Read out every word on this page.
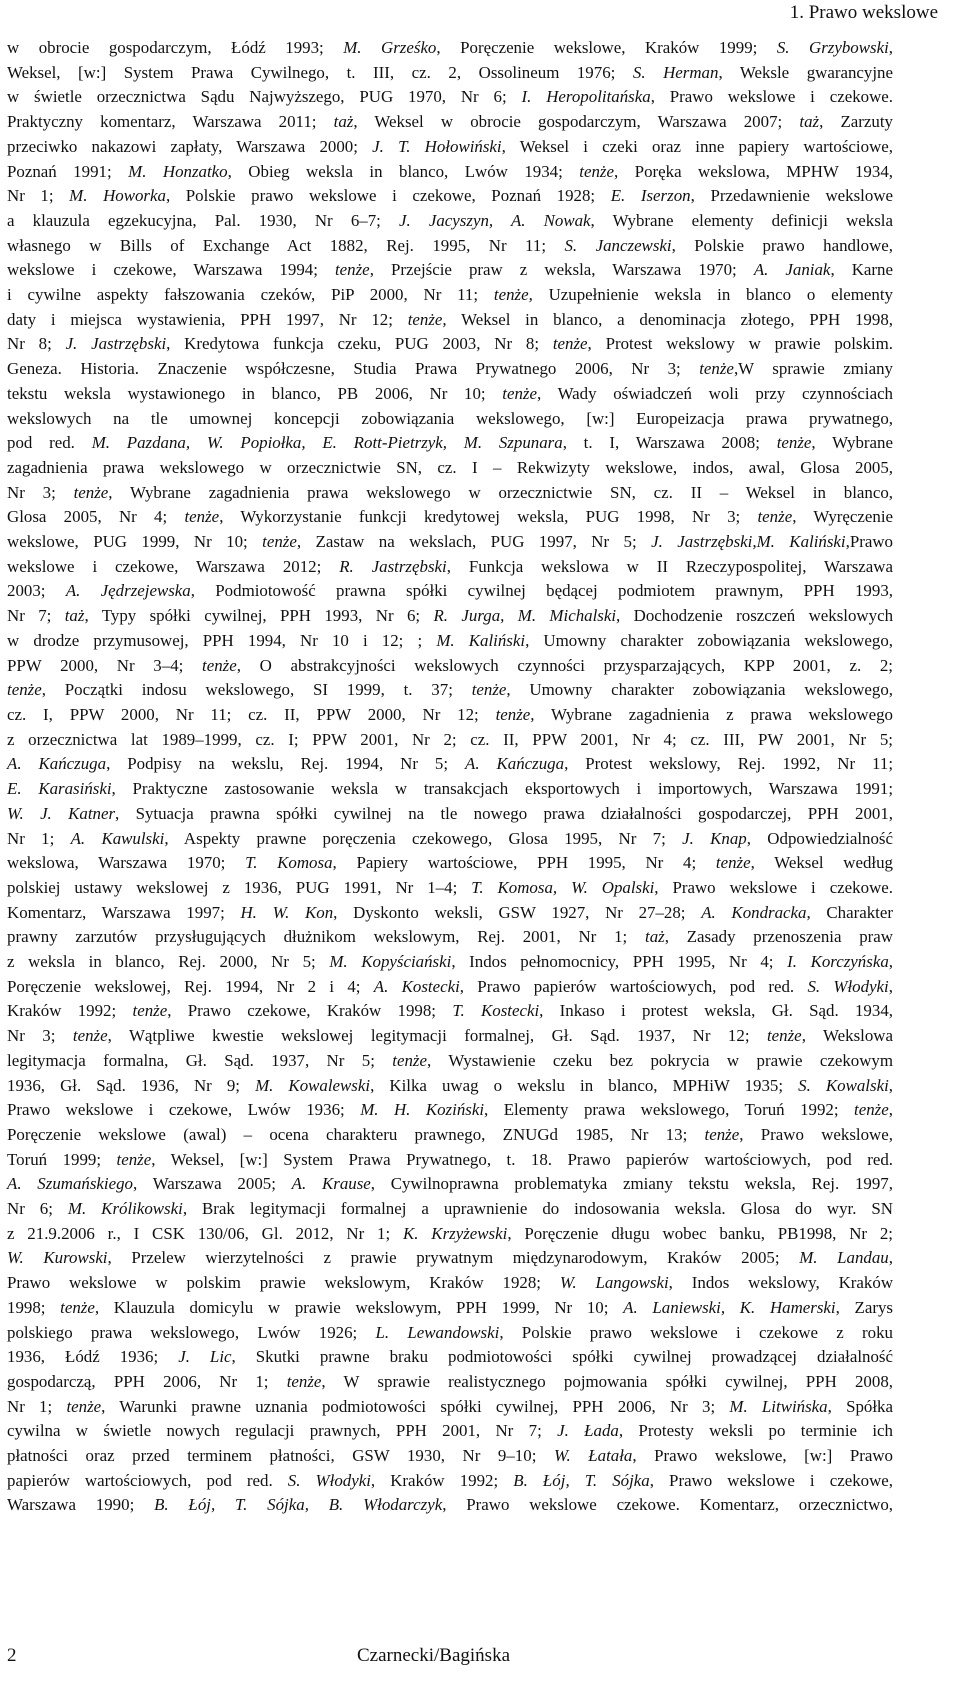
1. Prawo wekslowe
w obrocie gospodarczym, Łódź 1993; M. Grześko, Poręczenie wekslowe, Kraków 1999; S. Grzybowski,
Weksel, [w:] System Prawa Cywilnego, t. III, cz. 2, Ossolineum 1976; S. Herman, Weksle gwarancyjne
w świetle orzecznictwa Sądu Najwyższego, PUG 1970, Nr 6; I. Heropolitańska, Prawo wekslowe i czekowe.
Praktyczny komentarz, Warszawa 2011; taż, Weksel w obrocie gospodarczym, Warszawa 2007; taż, Zarzuty
przeciwko nakazowi zapłaty, Warszawa 2000; J. T. Hołowiński, Weksel i czeki oraz inne papiery wartościowe,
Poznań 1991; M. Honzatko, Obieg weksla in blanco, Lwów 1934; tenże, Poręka wekslowa, MPHW 1934,
Nr 1; M. Howorka, Polskie prawo wekslowe i czekowe, Poznań 1928; E. Iserzon, Przedawnienie wekslowe
a klauzula egzekucyjna, Pal. 1930, Nr 6–7; J. Jacyszyn, A. Nowak, Wybrane elementy definicji weksla
własnego w Bills of Exchange Act 1882, Rej. 1995, Nr 11; S. Janczewski, Polskie prawo handlowe,
wekslowe i czekowe, Warszawa 1994; tenże, Przejście praw z weksla, Warszawa 1970; A. Janiak, Karne
i cywilne aspekty fałszowania czeków, PiP 2000, Nr 11; tenże, Uzupełnienie weksla in blanco o elementy
daty i miejsca wystawienia, PPH 1997, Nr 12; tenże, Weksel in blanco, a denominacja złotego, PPH 1998,
Nr 8; J. Jastrzębski, Kredytowa funkcja czeku, PUG 2003, Nr 8; tenże, Protest wekslowy w prawie polskim.
Geneza. Historia. Znaczenie współczesne, Studia Prawa Prywatnego 2006, Nr 3; tenże,W sprawie zmiany
tekstu weksla wystawionego in blanco, PB 2006, Nr 10; tenże, Wady oświadczeń woli przy czynnościach
wekslowych na tle umownej koncepcji zobowiązania wekslowego, [w:] Europeizacja prawa prywatnego,
pod red. M. Pazdana, W. Popiołka, E. Rott-Pietrzyk, M. Szpunara, t. I, Warszawa 2008; tenże, Wybrane
zagadnienia prawa wekslowego w orzecznictwie SN, cz. I – Rekwizyty wekslowe, indos, awal, Glosa 2005,
Nr 3; tenże, Wybrane zagadnienia prawa wekslowego w orzecznictwie SN, cz. II – Weksel in blanco,
Glosa 2005, Nr 4; tenże, Wykorzystanie funkcji kredytowej weksla, PUG 1998, Nr 3; tenże, Wyręczenie
wekslowe, PUG 1999, Nr 10; tenże, Zastaw na wekslach, PUG 1997, Nr 5; J. Jastrzębski,M. Kaliński,Prawo
wekslowe i czekowe, Warszawa 2012; R. Jastrzębski, Funkcja wekslowa w II Rzeczypospolitej, Warszawa
2003; A. Jędrzejewska, Podmiotowość prawna spółki cywilnej będącej podmiotem prawnym, PPH 1993,
Nr 7; taż, Typy spółki cywilnej, PPH 1993, Nr 6; R. Jurga, M. Michalski, Dochodzenie roszczeń wekslowych
w drodze przymusowej, PPH 1994, Nr 10 i 12; ; M. Kaliński, Umowny charakter zobowiązania wekslowego,
PPW 2000, Nr 3–4; tenże, O abstrakcyjności wekslowych czynności przysparzających, KPP 2001, z. 2;
tenże, Początki indosu wekslowego, SI 1999, t. 37; tenże, Umowny charakter zobowiązania wekslowego,
cz. I, PPW 2000, Nr 11; cz. II, PPW 2000, Nr 12; tenże, Wybrane zagadnienia z prawa wekslowego
z orzecznictwa lat 1989–1999, cz. I; PPW 2001, Nr 2; cz. II, PPW 2001, Nr 4; cz. III, PW 2001, Nr 5;
A. Kańczuga, Podpisy na wekslu, Rej. 1994, Nr 5; A. Kańczuga, Protest wekslowy, Rej. 1992, Nr 11;
E. Karasiński, Praktyczne zastosowanie weksla w transakcjach eksportowych i importowych, Warszawa 1991;
W. J. Katner, Sytuacja prawna spółki cywilnej na tle nowego prawa działalności gospodarczej, PPH 2001,
Nr 1; A. Kawulski, Aspekty prawne poręczenia czekowego, Glosa 1995, Nr 7; J. Knap, Odpowiedzialność
wekslowa, Warszawa 1970; T. Komosa, Papiery wartościowe, PPH 1995, Nr 4; tenże, Weksel według
polskiej ustawy wekslowej z 1936, PUG 1991, Nr 1–4; T. Komosa, W. Opalski, Prawo wekslowe i czekowe.
Komentarz, Warszawa 1997; H. W. Kon, Dyskonto weksli, GSW 1927, Nr 27–28; A. Kondracka, Charakter
prawny zarzutów przysługujących dłużnikom wekslowym, Rej. 2001, Nr 1; taż, Zasady przenoszenia praw
z weksla in blanco, Rej. 2000, Nr 5; M. Kopyściański, Indos pełnomocnicy, PPH 1995, Nr 4; I. Korczyńska,
Poręczenie wekslowej, Rej. 1994, Nr 2 i 4; A. Kostecki, Prawo papierów wartościowych, pod red. S. Włodyki,
Kraków 1992; tenże, Prawo czekowe, Kraków 1998; T. Kostecki, Inkaso i protest weksla, Gł. Sąd. 1934,
Nr 3; tenże, Wątpliwe kwestie wekslowej legitymacji formalnej, Gł. Sąd. 1937, Nr 12; tenże, Wekslowa
legitymacja formalna, Gł. Sąd. 1937, Nr 5; tenże, Wystawienie czeku bez pokrycia w prawie czekowym
1936, Gł. Sąd. 1936, Nr 9; M. Kowalewski, Kilka uwag o wekslu in blanco, MPHiW 1935; S. Kowalski,
Prawo wekslowe i czekowe, Lwów 1936; M. H. Koziński, Elementy prawa wekslowego, Toruń 1992; tenże,
Poręczenie wekslowe (awal) – ocena charakteru prawnego, ZNUGd 1985, Nr 13; tenże, Prawo wekslowe,
Toruń 1999; tenże, Weksel, [w:] System Prawa Prywatnego, t. 18. Prawo papierów wartościowych, pod red.
A. Szumańskiego, Warszawa 2005; A. Krause, Cywilnoprawna problematyka zmiany tekstu weksla, Rej. 1997,
Nr 6; M. Królikowski, Brak legitymacji formalnej a uprawnienie do indosowania weksla. Glosa do wyr. SN
z 21.9.2006 r., I CSK 130/06, Gl. 2012, Nr 1; K. Krzyżewski, Poręczenie długu wobec banku, PB1998, Nr 2;
W. Kurowski, Przelew wierzytelności z prawie prywatnym międzynarodowym, Kraków 2005; M. Landau,
Prawo wekslowe w polskim prawie wekslowym, Kraków 1928; W. Langowski, Indos wekslowy, Kraków
1998; tenże, Klauzula domicylu w prawie wekslowym, PPH 1999, Nr 10; A. Laniewski, K. Hamerski, Zarys
polskiego prawa wekslowego, Lwów 1926; L. Lewandowski, Polskie prawo wekslowe i czekowe z roku
1936, Łódź 1936; J. Lic, Skutki prawne braku podmiotowości spółki cywilnej prowadzącej działalność
gospodarczą, PPH 2006, Nr 1; tenże, W sprawie realistycznego pojmowania spółki cywilnej, PPH 2008,
Nr 1; tenże, Warunki prawne uznania podmiotowości spółki cywilnej, PPH 2006, Nr 3; M. Litwińska, Spółka
cywilna w świetle nowych regulacji prawnych, PPH 2001, Nr 7; J. Łada, Protesty weksli po terminie ich
płatności oraz przed terminem płatności, GSW 1930, Nr 9–10; W. Łatała, Prawo wekslowe, [w:] Prawo
papierów wartościowych, pod red. S. Włodyki, Kraków 1992; B. Łój, T. Sójka, Prawo wekslowe i czekowe,
Warszawa 1990; B. Łój, T. Sójka, B. Włodarczyk, Prawo wekslowe czekowe. Komentarz, orzecznictwo,
2	Czarnecki/Bagińska
